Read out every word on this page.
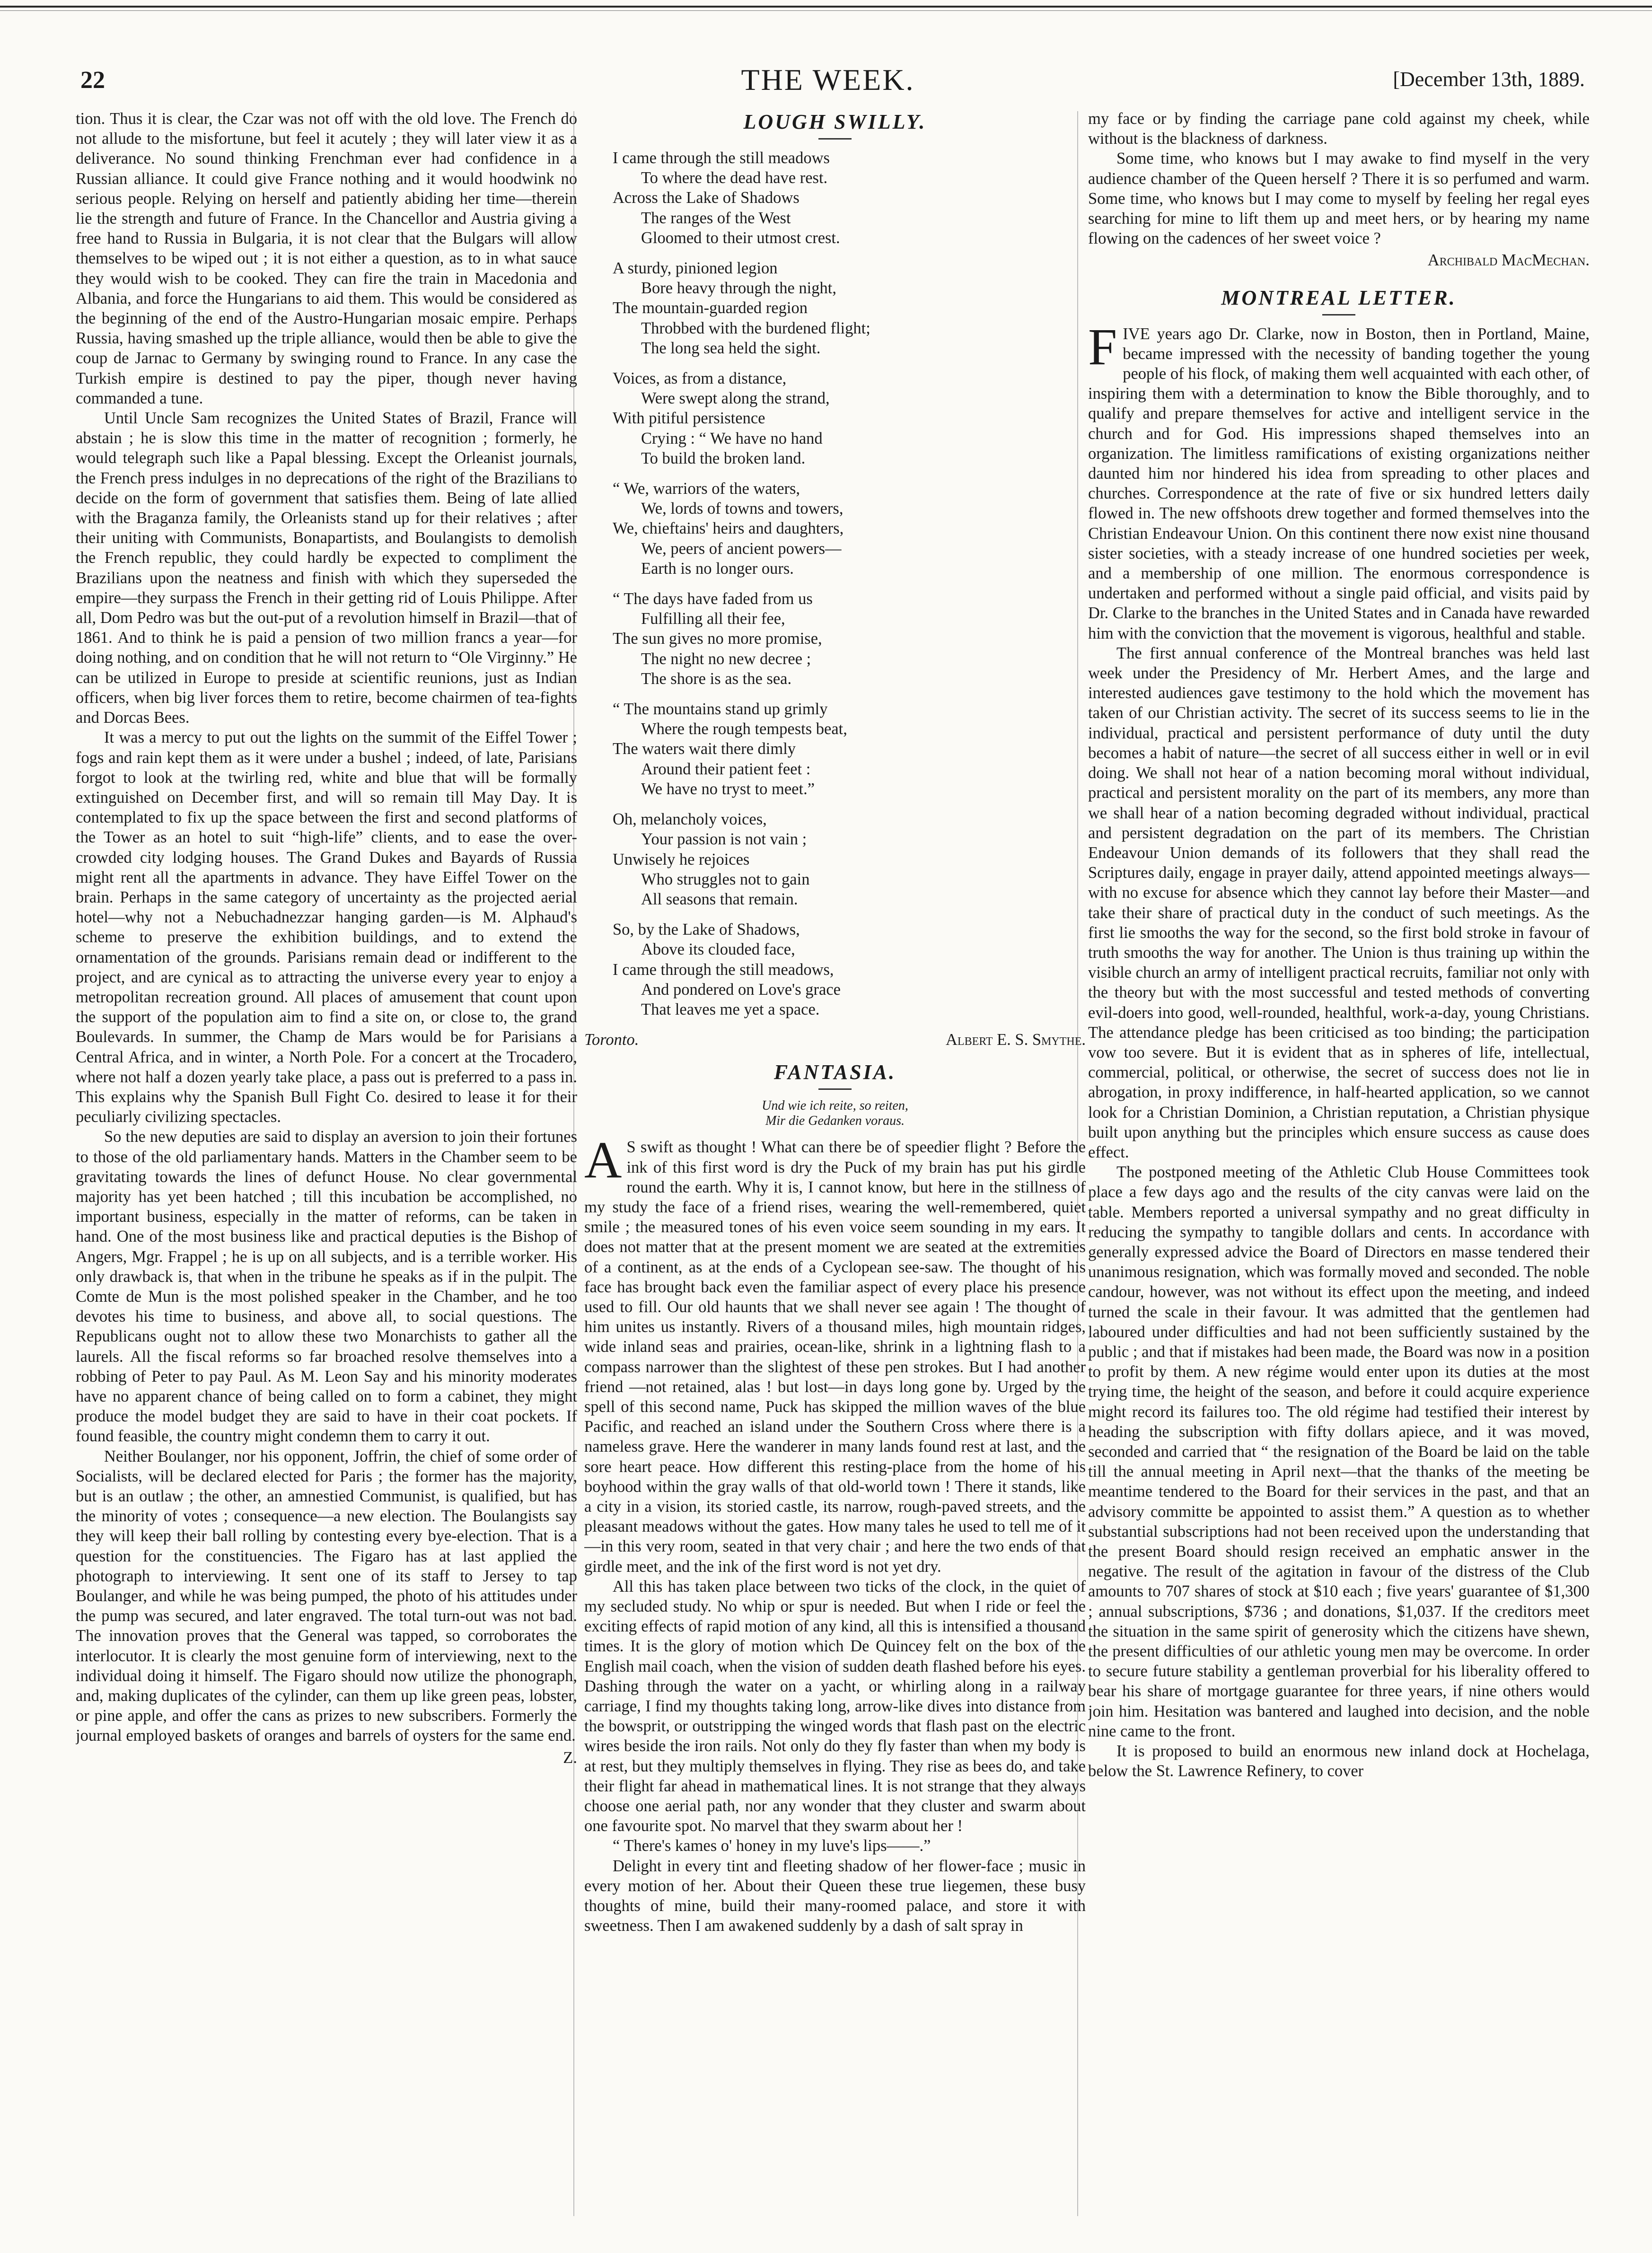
22	THE WEEK.	[December 13th, 1889.

tion. Thus it is clear, the Czar was not off with the old love. The French do not allude to the misfortune, but feel it acutely ; they will later view it as a deliverance. No sound thinking Frenchman ever had confidence in a Russian alliance. It could give France nothing and it would hoodwink no serious people. Relying on herself and patiently abiding her time—therein lie the strength and future of France. In the Chancellor and Austria giving a free hand to Russia in Bulgaria, it is not clear that the Bulgars will allow themselves to be wiped out ; it is not either a question, as to in what sauce they would wish to be cooked. They can fire the train in Macedonia and Albania, and force the Hungarians to aid them. This would be considered as the beginning of the end of the Austro-Hungarian mosaic empire. Perhaps Russia, having smashed up the triple alliance, would then be able to give the coup de Jarnac to Germany by swinging round to France. In any case the Turkish empire is destined to pay the piper, though never having commanded a tune.

Until Uncle Sam recognizes the United States of Brazil, France will abstain ; he is slow this time in the matter of recognition ; formerly, he would telegraph such like a Papal blessing. Except the Orleanist journals, the French press indulges in no deprecations of the right of the Brazilians to decide on the form of government that satisfies them. Being of late allied with the Braganza family, the Orleanists stand up for their relatives ; after their uniting with Communists, Bonapartists, and Boulangists to demolish the French republic, they could hardly be expected to compliment the Brazilians upon the neatness and finish with which they superseded the empire—they surpass the French in their getting rid of Louis Philippe. After all, Dom Pedro was but the out-put of a revolution himself in Brazil—that of 1861. And to think he is paid a pension of two million francs a year—for doing nothing, and on condition that he will not return to “Ole Virginny.” He can be utilized in Europe to preside at scientific reunions, just as Indian officers, when big liver forces them to retire, become chairmen of tea-fights and Dorcas Bees.

It was a mercy to put out the lights on the summit of the Eiffel Tower ; fogs and rain kept them as it were under a bushel ; indeed, of late, Parisians forgot to look at the twirling red, white and blue that will be formally extinguished on December first, and will so remain till May Day. It is contemplated to fix up the space between the first and second platforms of the Tower as an hotel to suit “high-life” clients, and to ease the over-crowded city lodging houses. The Grand Dukes and Bayards of Russia might rent all the apartments in advance. They have Eiffel Tower on the brain. Perhaps in the same category of uncertainty as the projected aerial hotel—why not a Nebuchadnezzar hanging garden—is M. Alphaud's scheme to preserve the exhibition buildings, and to extend the ornamentation of the grounds. Parisians remain dead or indifferent to the project, and are cynical as to attracting the universe every year to enjoy a metropolitan recreation ground. All places of amusement that count upon the support of the population aim to find a site on, or close to, the grand Boulevards. In summer, the Champ de Mars would be for Parisians a Central Africa, and in winter, a North Pole. For a concert at the Trocadero, where not half a dozen yearly take place, a pass out is preferred to a pass in. This explains why the Spanish Bull Fight Co. desired to lease it for their peculiarly civilizing spectacles.

So the new deputies are said to display an aversion to join their fortunes to those of the old parliamentary hands. Matters in the Chamber seem to be gravitating towards the lines of defunct House. No clear governmental majority has yet been hatched ; till this incubation be accomplished, no important business, especially in the matter of reforms, can be taken in hand. One of the most business like and practical deputies is the Bishop of Angers, Mgr. Frappel ; he is up on all subjects, and is a terrible worker. His only drawback is, that when in the tribune he speaks as if in the pulpit. The Comte de Mun is the most polished speaker in the Chamber, and he too devotes his time to business, and above all, to social questions. The Republicans ought not to allow these two Monarchists to gather all the laurels. All the fiscal reforms so far broached resolve themselves into a robbing of Peter to pay Paul. As M. Leon Say and his minority moderates have no apparent chance of being called on to form a cabinet, they might produce the model budget they are said to have in their coat pockets. If found feasible, the country might condemn them to carry it out.

Neither Boulanger, nor his opponent, Joffrin, the chief of some order of Socialists, will be declared elected for Paris ; the former has the majority, but is an outlaw ; the other, an amnestied Communist, is qualified, but has the minority of votes ; consequence—a new election. The Boulangists say they will keep their ball rolling by contesting every bye-election. That is a question for the constituencies. The Figaro has at last applied the photograph to interviewing. It sent one of its staff to Jersey to tap Boulanger, and while he was being pumped, the photo of his attitudes under the pump was secured, and later engraved. The total turn-out was not bad. The innovation proves that the General was tapped, so corroborates the interlocutor. It is clearly the most genuine form of interviewing, next to the individual doing it himself. The Figaro should now utilize the phonograph, and, making duplicates of the cylinder, can them up like green peas, lobster, or pine apple, and offer the cans as prizes to new subscribers. Formerly the journal employed baskets of oranges and barrels of oysters for the same end.

Z.
LOUGH SWILLY.
I came through the still meadows
To where the dead have rest.
Across the Lake of Shadows
The ranges of the West
Gloomed to their utmost crest.
A sturdy, pinioned legion
Bore heavy through the night,
The mountain-guarded region
Throbbed with the burdened flight;
The long sea held the sight.
Voices, as from a distance,
Were swept along the strand,
With pitiful persistence
Crying : “ We have no hand
To build the broken land.
“ We, warriors of the waters,
We, lords of towns and towers,
We, chieftains' heirs and daughters,
We, peers of ancient powers—
Earth is no longer ours.
“ The days have faded from us
Fulfilling all their fee,
The sun gives no more promise,
The night no new decree ;
The shore is as the sea.
“ The mountains stand up grimly
Where the rough tempests beat,
The waters wait there dimly
Around their patient feet :
We have no tryst to meet.”
Oh, melancholy voices,
Your passion is not vain ;
Unwisely he rejoices
Who struggles not to gain
All seasons that remain.
So, by the Lake of Shadows,
Above its clouded face,
I came through the still meadows,
And pondered on Love's grace
That leaves me yet a space.
Toronto.	Albert E. S. Smythe.
FANTASIA.
Und wie ich reite, so reiten,
Mir die Gedanken voraus.

A S swift as thought ! What can there be of speedier flight ? Before the ink of this first word is dry the Puck of my brain has put his girdle round the earth. Why it is, I cannot know, but here in the stillness of my study the face of a friend rises, wearing the well-remembered, quiet smile ; the measured tones of his even voice seem sounding in my ears. It does not matter that at the present moment we are seated at the extremities of a continent, as at the ends of a Cyclopean see-saw. The thought of his face has brought back even the familiar aspect of every place his presence used to fill. Our old haunts that we shall never see again ! The thought of him unites us instantly. Rivers of a thousand miles, high mountain ridges, wide inland seas and prairies, ocean-like, shrink in a lightning flash to a compass narrower than the slightest of these pen strokes. But I had another friend —not retained, alas ! but lost—in days long gone by. Urged by the spell of this second name, Puck has skipped the million waves of the blue Pacific, and reached an island under the Southern Cross where there is a nameless grave. Here the wanderer in many lands found rest at last, and the sore heart peace. How different this resting-place from the home of his boyhood within the gray walls of that old-world town ! There it stands, like a city in a vision, its storied castle, its narrow, rough-paved streets, and the pleasant meadows without the gates. How many tales he used to tell me of it—in this very room, seated in that very chair ; and here the two ends of that girdle meet, and the ink of the first word is not yet dry.

All this has taken place between two ticks of the clock, in the quiet of my secluded study. No whip or spur is needed. But when I ride or feel the exciting effects of rapid motion of any kind, all this is intensified a thousand times. It is the glory of motion which De Quincey felt on the box of the English mail coach, when the vision of sudden death flashed before his eyes. Dashing through the water on a yacht, or whirling along in a railway carriage, I find my thoughts taking long, arrow-like dives into distance from the bowsprit, or outstripping the winged words that flash past on the electric wires beside the iron rails. Not only do they fly faster than when my body is at rest, but they multiply themselves in flying. They rise as bees do, and take their flight far ahead in mathematical lines. It is not strange that they always choose one aerial path, nor any wonder that they cluster and swarm about one favourite spot. No marvel that they swarm about her !

“ There's kames o' honey in my luve's lips——.”

Delight in every tint and fleeting shadow of her flower-face ; music in every motion of her. About their Queen these true liegemen, these busy thoughts of mine, build their many-roomed palace, and store it with sweetness. Then I am awakened suddenly by a dash of salt spray in

my face or by finding the carriage pane cold against my cheek, while without is the blackness of darkness.

Some time, who knows but I may awake to find myself in the very audience chamber of the Queen herself ? There it is so perfumed and warm. Some time, who knows but I may come to myself by feeling her regal eyes searching for mine to lift them up and meet hers, or by hearing my name flowing on the cadences of her sweet voice ?

Archibald MacMechan.
MONTREAL LETTER.

FIVE years ago Dr. Clarke, now in Boston, then in Portland, Maine, became impressed with the necessity of banding together the young people of his flock, of making them well acquainted with each other, of inspiring them with a determination to know the Bible thoroughly, and to qualify and prepare themselves for active and intelligent service in the church and for God. His impressions shaped themselves into an organization. The limitless ramifications of existing organizations neither daunted him nor hindered his idea from spreading to other places and churches. Correspondence at the rate of five or six hundred letters daily flowed in. The new offshoots drew together and formed themselves into the Christian Endeavour Union. On this continent there now exist nine thousand sister societies, with a steady increase of one hundred societies per week, and a membership of one million. The enormous correspondence is undertaken and performed without a single paid official, and visits paid by Dr. Clarke to the branches in the United States and in Canada have rewarded him with the conviction that the movement is vigorous, healthful and stable.

The first annual conference of the Montreal branches was held last week under the Presidency of Mr. Herbert Ames, and the large and interested audiences gave testimony to the hold which the movement has taken of our Christian activity. The secret of its success seems to lie in the individual, practical and persistent performance of duty until the duty becomes a habit of nature—the secret of all success either in well or in evil doing. We shall not hear of a nation becoming moral without individual, practical and persistent morality on the part of its members, any more than we shall hear of a nation becoming degraded without individual, practical and persistent degradation on the part of its members. The Christian Endeavour Union demands of its followers that they shall read the Scriptures daily, engage in prayer daily, attend appointed meetings always—with no excuse for absence which they cannot lay before their Master—and take their share of practical duty in the conduct of such meetings. As the first lie smooths the way for the second, so the first bold stroke in favour of truth smooths the way for another. The Union is thus training up within the visible church an army of intelligent practical recruits, familiar not only with the theory but with the most successful and tested methods of converting evil-doers into good, well-rounded, healthful, work-a-day, young Christians. The attendance pledge has been criticised as too binding; the participation vow too severe. But it is evident that as in spheres of life, intellectual, commercial, political, or otherwise, the secret of success does not lie in abrogation, in proxy indifference, in half-hearted application, so we cannot look for a Christian Dominion, a Christian reputation, a Christian physique built upon anything but the principles which ensure success as cause does effect.

The postponed meeting of the Athletic Club House Committees took place a few days ago and the results of the city canvas were laid on the table. Members reported a universal sympathy and no great difficulty in reducing the sympathy to tangible dollars and cents. In accordance with generally expressed advice the Board of Directors en masse tendered their unanimous resignation, which was formally moved and seconded. The noble candour, however, was not without its effect upon the meeting, and indeed turned the scale in their favour. It was admitted that the gentlemen had laboured under difficulties and had not been sufficiently sustained by the public ; and that if mistakes had been made, the Board was now in a position to profit by them. A new régime would enter upon its duties at the most trying time, the height of the season, and before it could acquire experience might record its failures too. The old régime had testified their interest by heading the subscription with fifty dollars apiece, and it was moved, seconded and carried that “ the resignation of the Board be laid on the table till the annual meeting in April next—that the thanks of the meeting be meantime tendered to the Board for their services in the past, and that an advisory committe be appointed to assist them.” A question as to whether substantial subscriptions had not been received upon the understanding that the present Board should resign received an emphatic answer in the negative. The result of the agitation in favour of the distress of the Club amounts to 707 shares of stock at $10 each ; five years' guarantee of $1,300 ; annual subscriptions, $736 ; and donations, $1,037. If the creditors meet the situation in the same spirit of generosity which the citizens have shewn, the present difficulties of our athletic young men may be overcome. In order to secure future stability a gentleman proverbial for his liberality offered to bear his share of mortgage guarantee for three years, if nine others would join him. Hesitation was bantered and laughed into decision, and the noble nine came to the front.

It is proposed to build an enormous new inland dock at Hochelaga, below the St. Lawrence Refinery, to cover
